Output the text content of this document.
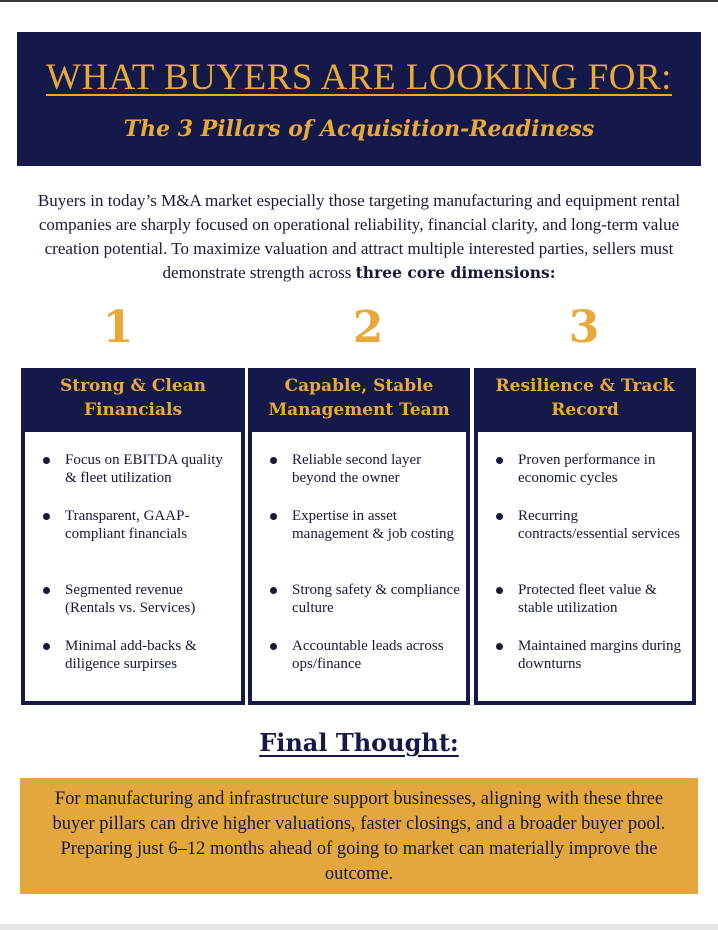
WHAT BUYERS ARE LOOKING FOR:
The 3 Pillars of Acquisition-Readiness
Buyers in today’s M&A market especially those targeting manufacturing and equipment rental companies are sharply focused on operational reliability, financial clarity, and long-term value creation potential. To maximize valuation and attract multiple interested parties, sellers must demonstrate strength across three core dimensions:
1	2	3
Strong & Clean Financials
Focus on EBITDA quality & fleet utilization
Transparent, GAAP-compliant financials
Segmented revenue (Rentals vs. Services)
Minimal add-backs & diligence surpirses
Capable, Stable Management Team
Reliable second layer beyond the owner
Expertise in asset management & job costing
Strong safety & compliance culture
Accountable leads across ops/finance
Resilience & Track Record
Proven performance in economic cycles
Recurring contracts/essential services
Protected fleet value & stable utilization
Maintained margins during downturns
Final Thought:
For manufacturing and infrastructure support businesses, aligning with these three buyer pillars can drive higher valuations, faster closings, and a broader buyer pool. Preparing just 6–12 months ahead of going to market can materially improve the outcome.
